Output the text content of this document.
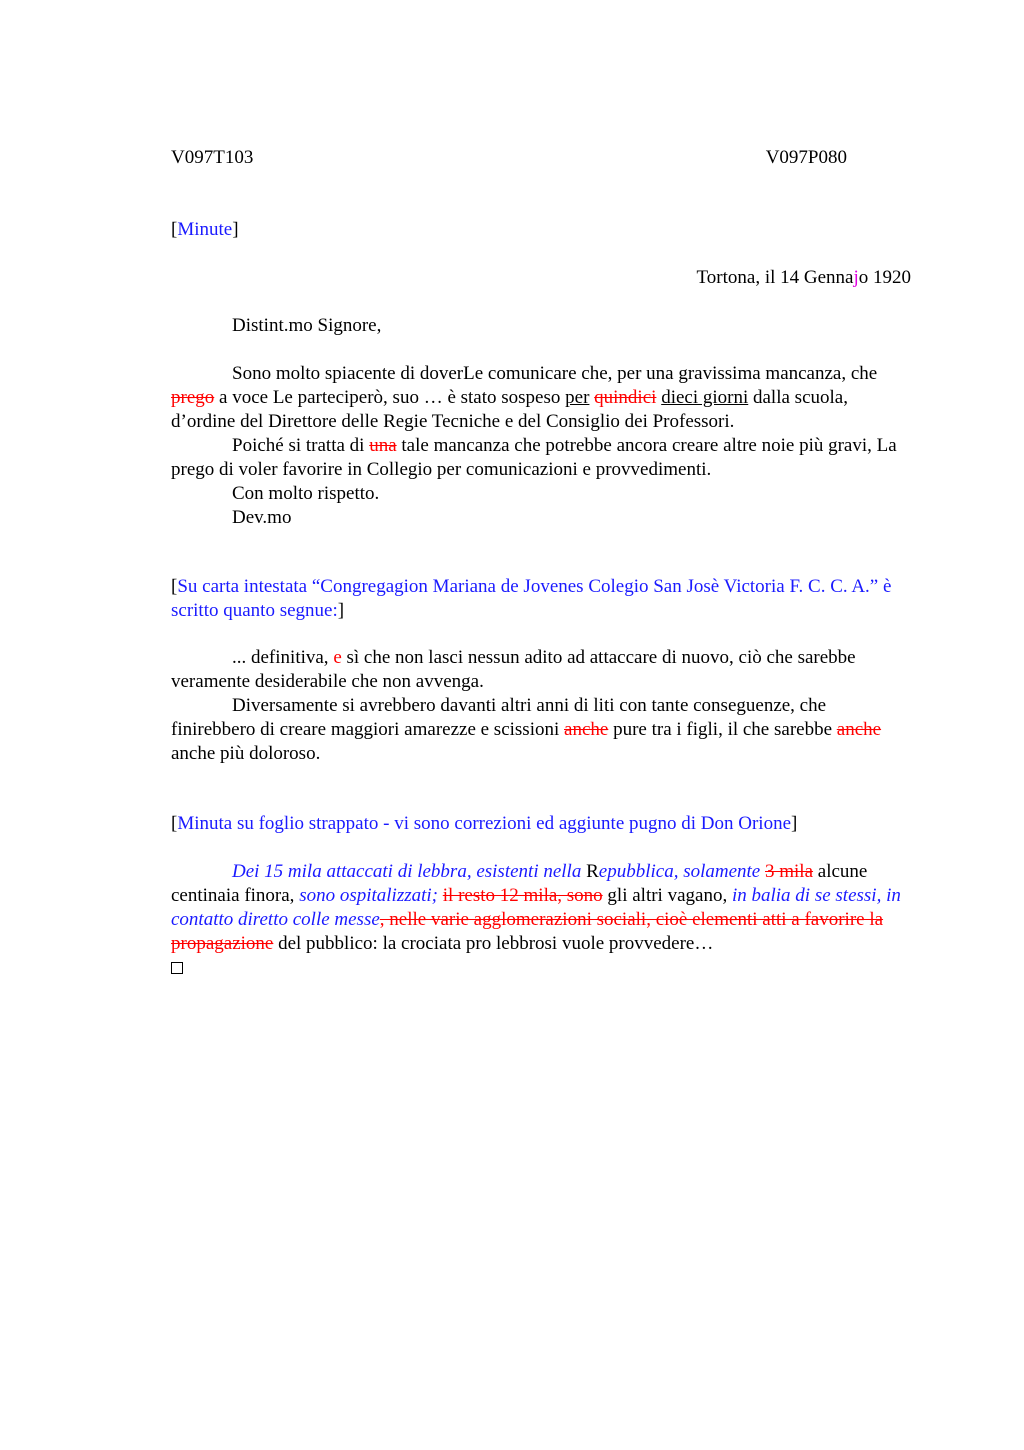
V097T103	V097P080

[Minute]

Tortona, il 14 Gennajo 1920

Distint.mo Signore,

Sono molto spiacente di doverLe comunicare che, per una gravissima mancanza, che prego a voce Le parteciperò, suo … è stato sospeso per quindici dieci giorni dalla scuola, d’ordine del Direttore delle Regie Tecniche e del Consiglio dei Professori.

Poiché si tratta di una tale mancanza che potrebbe ancora creare altre noie più gravi, La prego di voler favorire in Collegio per comunicazioni e provvedimenti.

Con molto rispetto.

Dev.mo

[Su carta intestata “Congregagion Mariana de Jovenes Colegio San Josè Victoria F. C. C. A.” è scritto quanto segnue:]

... definitiva, e sì che non lasci nessun adito ad attaccare di nuovo, ciò che sarebbe veramente desiderabile che non avvenga.

Diversamente si avrebbero davanti altri anni di liti con tante conseguenze, che finirebbero di creare maggiori amarezze e scissioni anche pure tra i figli, il che sarebbe anche anche più doloroso.

[Minuta su foglio strappato - vi sono correzioni ed aggiunte pugno di Don Orione]

Dei 15 mila attaccati di lebbra, esistenti nella Repubblica, solamente 3 mila alcune centinaia finora, sono ospitalizzati; il resto 12 mila, sono gli altri vagano, in balia di se stessi, in contatto diretto colle messe, nelle varie agglomerazioni sociali, cioè elementi atti a favorire la propagazione del pubblico: la crociata pro lebbrosi vuole provvedere…
